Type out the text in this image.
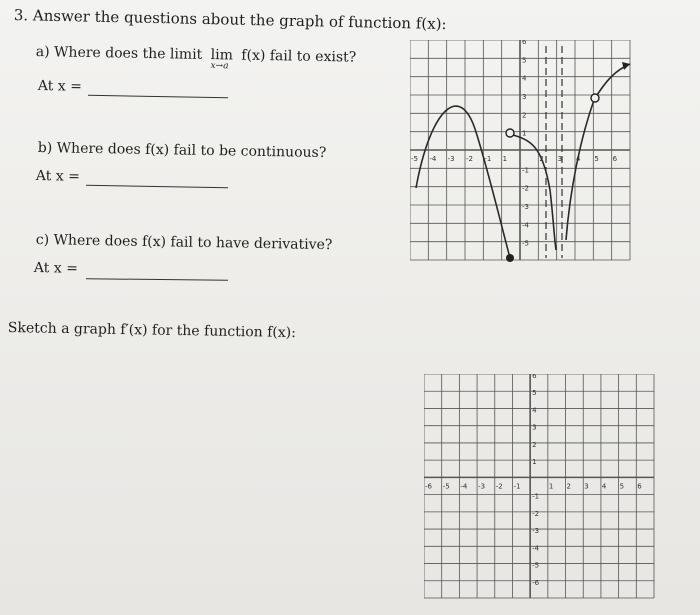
3. Answer the questions about the graph of function f(x):
a) Where does the limit lim
x→a
f(x) fail to exist?
At x =
b) Where does f(x) fail to be continuous?
At x =
c) Where does f(x) fail to have derivative?
At x =
Sketch a graph f′(x) for the function f(x):
-5 -4 -3 -2 -1 1	2 3 4 5 6
6
5
4
3
2
1
-1
-2
-3
-4
-5
-6 -5 -4 -3 -2 -1	1 2 3 4 5 6
6
5
4
3
2
1
-1
-2
-3
-4
-5
-6
